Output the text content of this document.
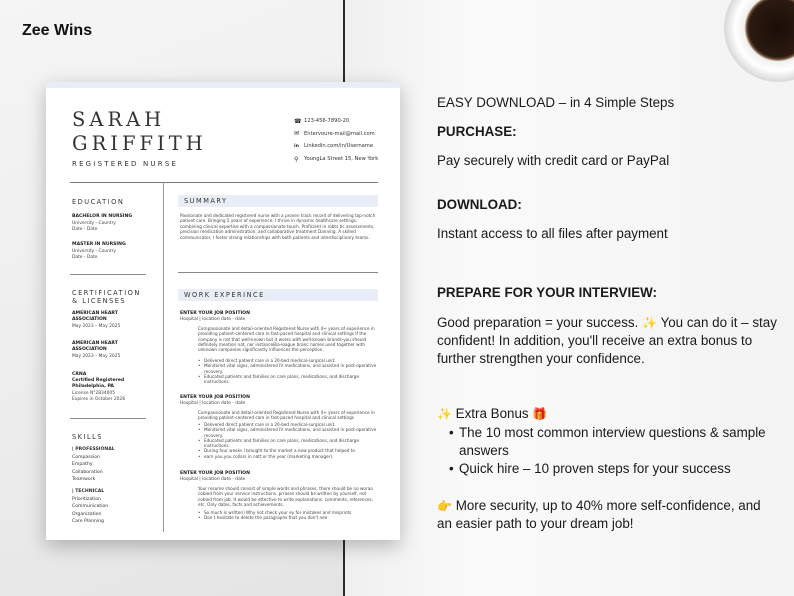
Zee Wins
SARAH
GRIFFITH
REGISTERED NURSE
☎ 123-456-7890-20
✉ Entervoure-mail@mail.com
in Linkedin.com/in/Username
⚲	YoungLa Street 15, New York
EDUCATION
BACHELOR IN NURSING
University - Country
Date - Date
MASTER IN NURSING
University - Country
Date - Date
CERTIFICATION
& LICENSES
AMERICAN HEART
ASSOCIATION
May 2023 – May 2025
AMERICAN HEART
ASSOCIATION
May 2023 – May 2025
CRNA
Certified Registered
Philadelphia, PA
License N°2834005
Expires in October 2028
SKILLS
| PROFESSIONAL
Compassion
Empathy
Collaboration
Teamwork
| TECHNICAL
Prioritization
Communication
Organization
Care Planning
SUMMARY
Passionate and dedicated registered nurse with a proven track record of delivering top-notch patient care. Bringing 5 years of experience, I thrive in dynamic healthcare settings, combining clinical expertise with a compassionate touch. Proficient in robts tic assessments, precision medication administration, and collaborative treatment Danning. A skilled communicator, I foster strong relationships with both patients and interdisciplinary teams.
WORK EXPERINCE
ENTER YOUR JOB POSITION
Hospital | location date - date
Compassionate and detail-oriented Registered Nurse with 4+ years of experience in providing patient-centered care in fast-paced hospital and clinical settings If the company is not that well-known but it works with well-known brands-you should definitely mention nat, nor instanceBia-league branc names used together with unknown companies significantly influences the perception.
• Delivered direct patient care in a 20-bed medical-surgical unit.
• Monitored vital signs, administered IV medications, and assisted in post-operative recovery.
• Educated patients and families on care plans, medications, and discharge instructions.
ENTER YOUR JOB POSITION
Hospital | location date - date
Compassionate and detail-oriented Registered Nurse with 4+ years of experience in providing patient-centered care in fast-paced hospital and clinical settings
• Delivered direct patient care in a 20-bed medical-surgical unit.
• Monitored vital signs, administered IV medications, and assisted in post-operative recovery.
• Educated patients and families on care plans, medications, and discharge instructions.
• During four weeks I brought to the market a new product that helped to
• earn you.you collars in natt or the year (marketing manager).
ENTER YOUR JOB POSITION
Hospital | location date - date
Your resume should consist of simple words and phrases. there should be no worao cobied from your service instructions. prrases should be.written by yourself, not cobied from job. It would be ettective to write explanations. comments, references, etc. Only dates, facts and achievements.
• So much is written) Why not check your ey for mistakes and misprints
• Don t hesitate to delete the paragraphs that you don't nee
EASY DOWNLOAD – in 4 Simple Steps
PURCHASE:
Pay securely with credit card or PayPal
DOWNLOAD:
Instant access to all files after payment
PREPARE FOR YOUR INTERVIEW:
Good preparation = your success. ✨ You can do it – stay confident! In addition, you'll receive an extra bonus to further strengthen your confidence.
✨ Extra Bonus 🎁
• The 10 most common interview questions & sample answers
• Quick hire – 10 proven steps for your success
👉 More security, up to 40% more self-confidence, and an easier path to your dream job!
